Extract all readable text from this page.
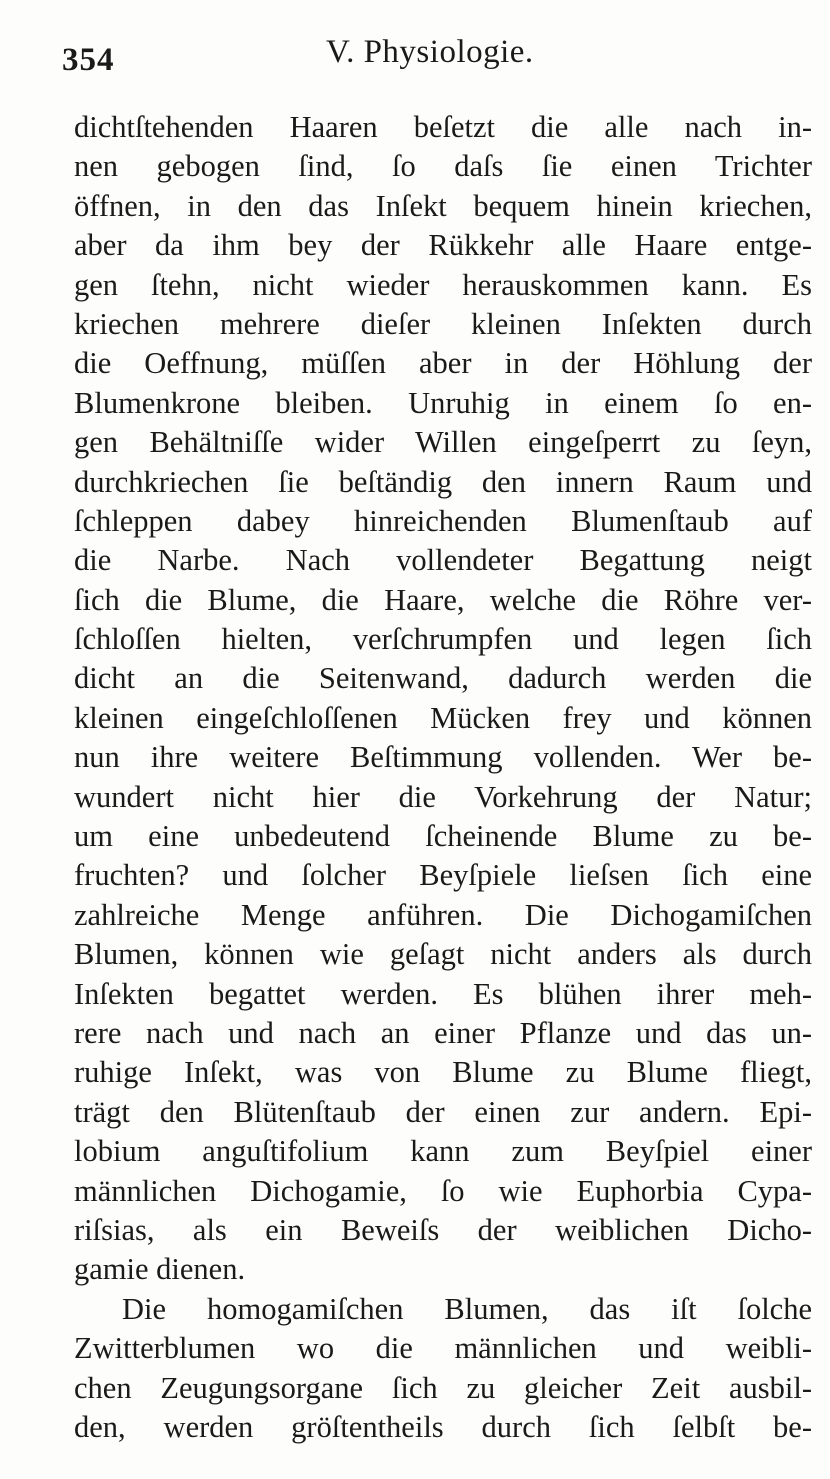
354	V. Physiologie.
dichtſtehenden Haaren beſetzt die alle nach in-
nen gebogen ſind, ſo daſs ſie einen Trichter
öffnen, in den das Inſekt bequem hinein kriechen,
aber da ihm bey der Rükkehr alle Haare entge-
gen ſtehn, nicht wieder herauskommen kann. Es
kriechen mehrere dieſer kleinen Inſekten durch
die Oeffnung, müſſen aber in der Höhlung der
Blumenkrone bleiben. Unruhig in einem ſo en-
gen Behältniſſe wider Willen eingeſperrt zu ſeyn,
durchkriechen ſie beſtändig den innern Raum und
ſchleppen dabey hinreichenden Blumenſtaub auf
die Narbe. Nach vollendeter Begattung neigt
ſich die Blume, die Haare, welche die Röhre ver-
ſchloſſen hielten, verſchrumpfen und legen ſich
dicht an die Seitenwand, dadurch werden die
kleinen eingeſchloſſenen Mücken frey und können
nun ihre weitere Beſtimmung vollenden. Wer be-
wundert nicht hier die Vorkehrung der Natur;
um eine unbedeutend ſcheinende Blume zu be-
fruchten? und ſolcher Beyſpiele lieſsen ſich eine
zahlreiche Menge anführen. Die Dichogamiſchen
Blumen, können wie geſagt nicht anders als durch
Inſekten begattet werden. Es blühen ihrer meh-
rere nach und nach an einer Pflanze und das un-
ruhige Inſekt, was von Blume zu Blume fliegt,
trägt den Blütenſtaub der einen zur andern. Epi-
lobium anguſtifolium kann zum Beyſpiel einer
männlichen Dichogamie, ſo wie Euphorbia Cypa-
riſsias, als ein Beweiſs der weiblichen Dicho-
gamie dienen.
Die homogamiſchen Blumen, das iſt ſolche
Zwitterblumen wo die männlichen und weibli-
chen Zeugungsorgane ſich zu gleicher Zeit ausbil-
den, werden gröſtentheils durch ſich ſelbſt be-
